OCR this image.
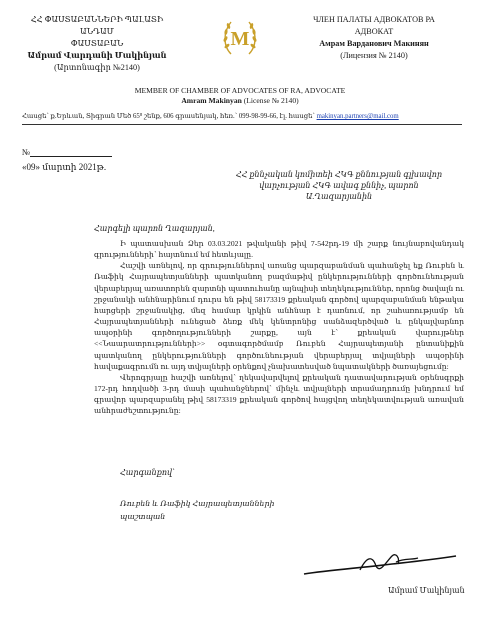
ՀՀ ՓԱՍՏԱԲԱՆՆԵՐԻ ՊԱԼԱՏԻ ԱՆԴԱՄ
ՓԱՍՏԱԲԱՆ
Ամրամ Վարդանի Մակինյան
(Արտոնագիր №2140)
M
ЧЛЕН ПАЛАТЫ АДВОКАТОВ РА
АДВОКАТ
Амрам Варданович Макинян
(Лицензия № 2140)
MEMBER OF CHAMBER OF ADVOCATES OF RA, ADVOCATE
Amram Makinyan (License № 2140)
Հասցե՝ ք.Երևան, Տիգրան Մեծ 65⁸ շենք, 606 գրասենյակ, հեռ.՝ 099-98-99-66, էլ. հասցե՝ makinyan.partners@mail.com
№
«09» մարտի 2021թ.
ՀՀ քննչական կոմիտեի ՀԿԳ քննության գլխավոր վարչության ՀԿԳ ավագ քննիչ, պարոն Ա.Ղազարյանին
Հարգելի պարոն Ղազարյան,

Ի պատասխան Ձեր 03.03.2021 թվականի թիվ 7-542րդ-19 մի շարք նույնաբովանդակ գրությունների՝ հայտնում եմ հետևյալը.

Հաշվի առնելով, որ գրություններով առանց պարզաբանման պահանջել եք Ռուբեն և Ռաֆիկ Հայրապետյանների պատկանող բազմաթիվ ընկերությունների գործունեության վերաբերյալ առատորեն զարտնի պատուհանը այնպիսի տեղեկություններ, որոնց ծավալն ու շրջանակի անհնարինում դուրս են թիվ 58173319 քրեական գործով պարզաբանման ենթակա հարցերի շրջանակից, մեզ համար կրկին անհնար է դառնում, որ շահառությամբ են Հայրապետյանների ունեցած ձեռք մեկ կենտրոնից սանձազերծված և ընկալվարնոր ապօրինի գործողությունների շարքը, այն է՝ քրեական վարույթներ <<Նաարատրությունների>> օգտագործմամբ Ռուբեն Հայրապետյանի ընտանիքին պատկանող ընկերությունների գործունեության վերաբերյալ տվյալների ապօրինի հավաքագրումն ու այդ տվյալների օրենքով չնախատեսված նպատակների ծառայեցումը:

Վերոգրյալը հաշվի առնելով՝ ղեկավարվելով քրեական դատավարության օրենսգրքի 172-րդ հոդվածի 3-րդ մասի պահանջներով՝ մինչև տվյալների տրամադրումը խնդրում եմ գրավոր պարզաբանել թիվ 58173319 քրեական գործով հայցվող տեղեկատվության առավան անհրաժեշտությունը:

Հարգանքով՝
Ռուբեն և Ռաֆիկ Հայրապետյանների
պաշտպան
Ամրամ Մակինյան
